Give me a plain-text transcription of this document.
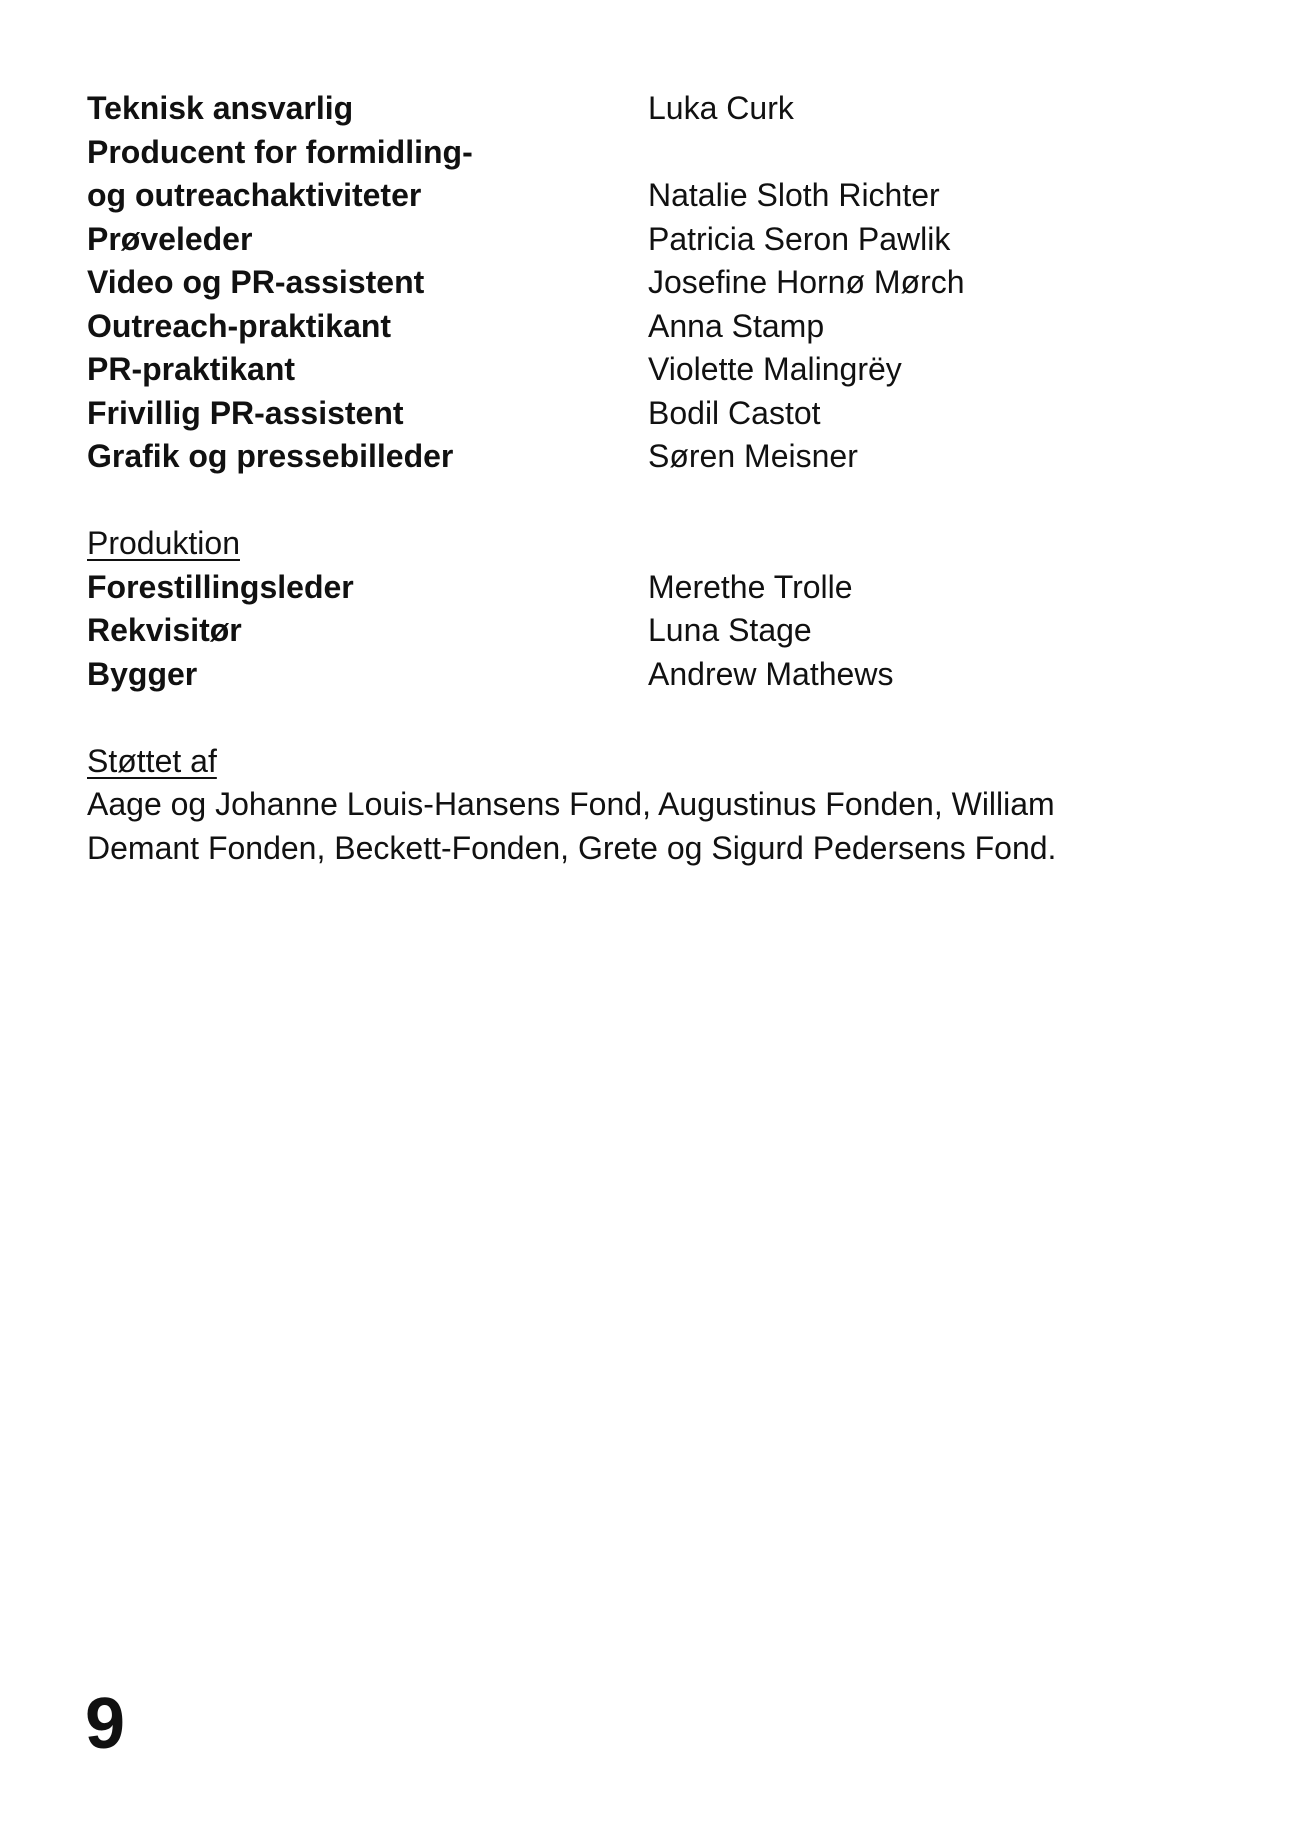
Teknisk ansvarlig	Luka Curk
Producent for formidling-
og outreachaktiviteter	Natalie Sloth Richter
Prøveleder	Patricia Seron Pawlik
Video og PR-assistent	Josefine Hornø Mørch
Outreach-praktikant	Anna Stamp
PR-praktikant	Violette Malingrëy
Frivillig PR-assistent	Bodil Castot
Grafik og pressebilleder	Søren Meisner
Produktion
Forestillingsleder	Merethe Trolle
Rekvisitør	Luna Stage
Bygger	Andrew Mathews
Støttet af
Aage og Johanne Louis-Hansens Fond, Augustinus Fonden, William Demant Fonden, Beckett-Fonden, Grete og Sigurd Pedersens Fond.
9
